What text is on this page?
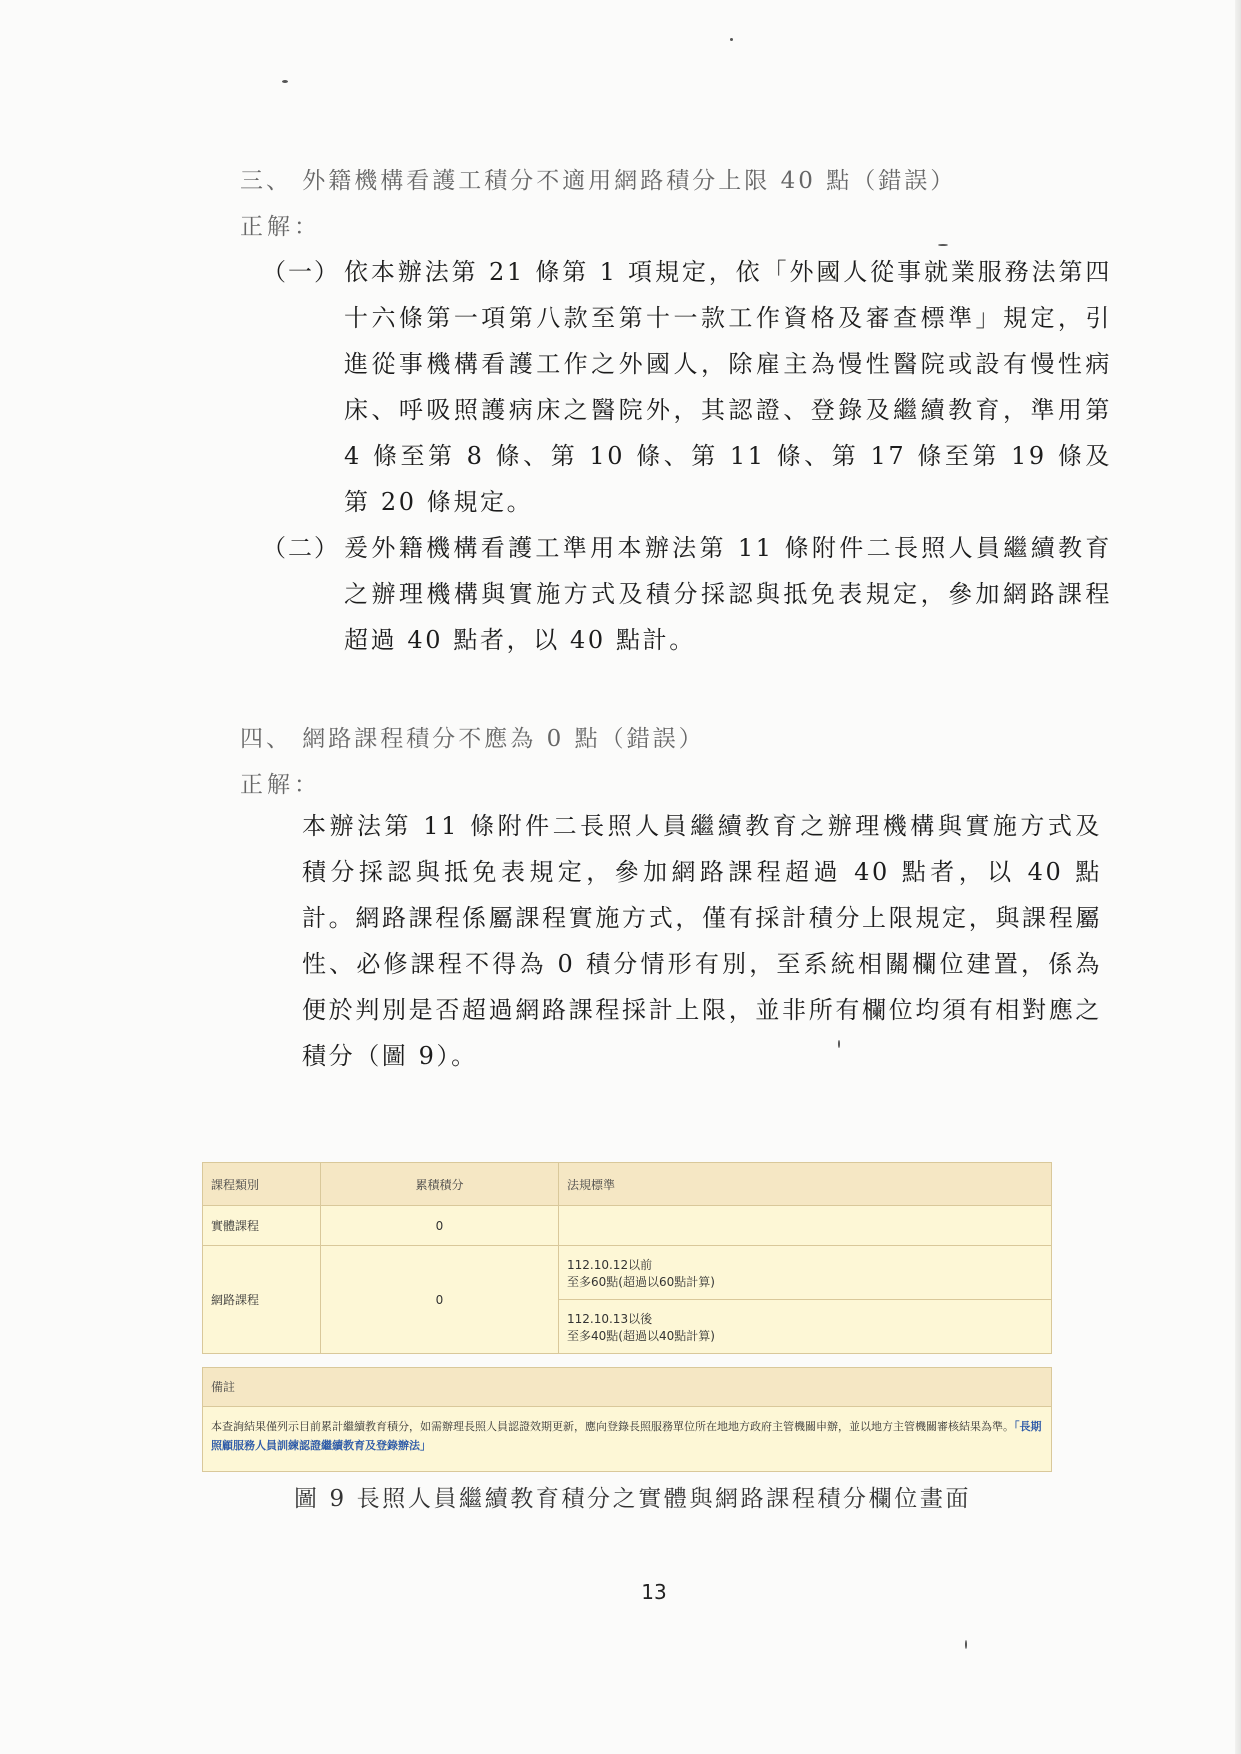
三、 外籍機構看護工積分不適用網路積分上限 40 點（錯誤）
正解：
（一） 依本辦法第 21 條第 1 項規定，依「外國人從事就業服務法第四十六條第一項第八款至第十一款工作資格及審查標準」規定，引進從事機構看護工作之外國人，除雇主為慢性醫院或設有慢性病床、呼吸照護病床之醫院外，其認證、登錄及繼續教育，準用第 4 條至第 8 條、第 10 條、第 11 條、第 17 條至第 19 條及第 20 條規定。
（二） 爰外籍機構看護工準用本辦法第 11 條附件二長照人員繼續教育之辦理機構與實施方式及積分採認與抵免表規定，參加網路課程超過 40 點者，以 40 點計。
四、 網路課程積分不應為 0 點（錯誤）
正解：
本辦法第 11 條附件二長照人員繼續教育之辦理機構與實施方式及積分採認與抵免表規定，參加網路課程超過 40 點者，以 40 點計。網路課程係屬課程實施方式，僅有採計積分上限規定，與課程屬性、必修課程不得為 0 積分情形有別，至系統相關欄位建置，係為便於判別是否超過網路課程採計上限，並非所有欄位均須有相對應之積分（圖 9）。
課程類別	累積積分	法規標準
實體課程	0	
網路課程	0	112.10.12以前
至多60點(超過以60點計算)

		112.10.13以後
至多40點(超過以40點計算)
備註
本查詢結果僅列示目前累計繼續教育積分，如需辦理長照人員認證效期更新，應向登錄長照服務單位所在地地方政府主管機關申辦，並以地方主管機關審核結果為準。「長期照顧服務人員訓練認證繼續教育及登錄辦法」
圖 9 長照人員繼續教育積分之實體與網路課程積分欄位畫面
13
